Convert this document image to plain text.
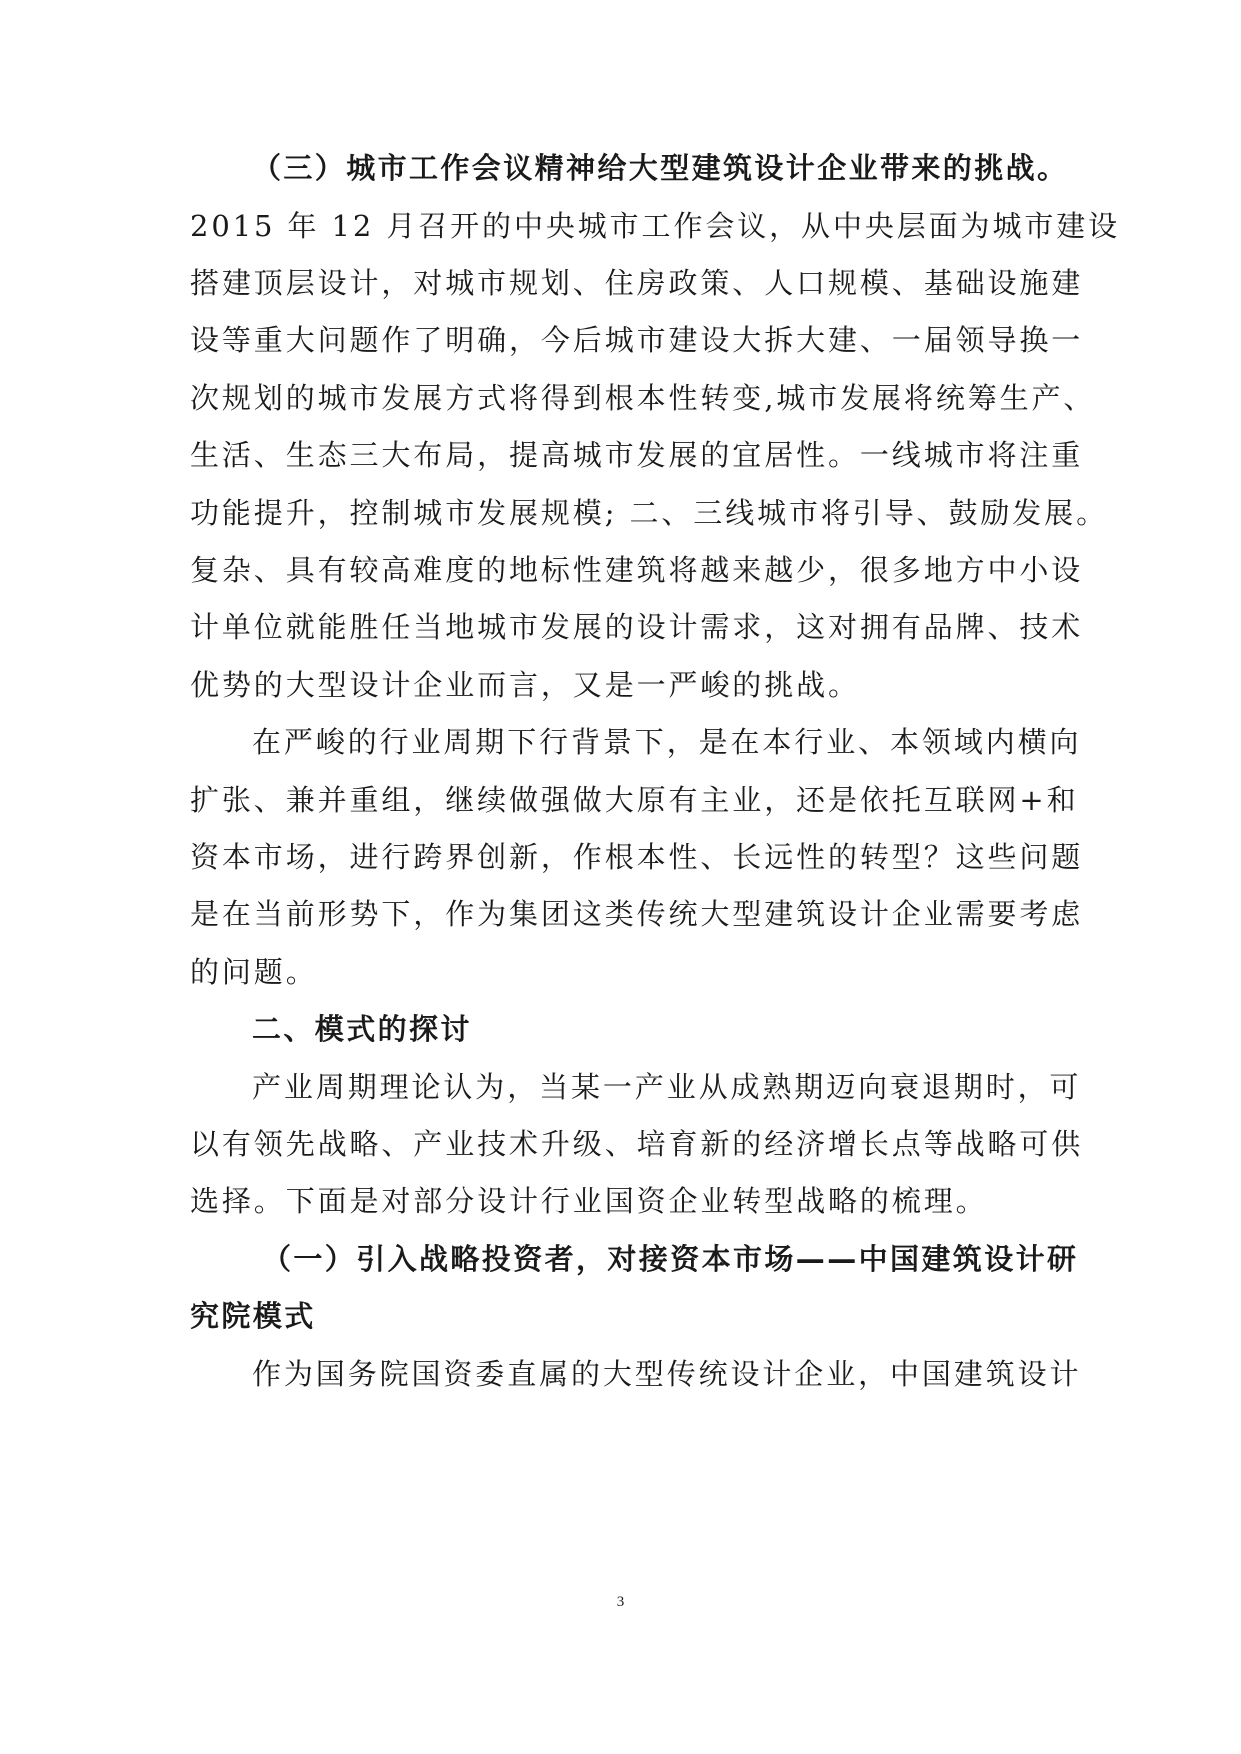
（三）城市工作会议精神给大型建筑设计企业带来的挑战。
2015 年 12 月召开的中央城市工作会议，从中央层面为城市建设
搭建顶层设计，对城市规划、住房政策、人口规模、基础设施建
设等重大问题作了明确，今后城市建设大拆大建、一届领导换一
次规划的城市发展方式将得到根本性转变,城市发展将统筹生产、
生活、生态三大布局，提高城市发展的宜居性。一线城市将注重
功能提升，控制城市发展规模; 二、三线城市将引导、鼓励发展。
复杂、具有较高难度的地标性建筑将越来越少，很多地方中小设
计单位就能胜任当地城市发展的设计需求，这对拥有品牌、技术
优势的大型设计企业而言，又是一严峻的挑战。
在严峻的行业周期下行背景下，是在本行业、本领域内横向
扩张、兼并重组，继续做强做大原有主业，还是依托互联网+和
资本市场，进行跨界创新，作根本性、长远性的转型？这些问题
是在当前形势下，作为集团这类传统大型建筑设计企业需要考虑
的问题。
二、模式的探讨
产业周期理论认为，当某一产业从成熟期迈向衰退期时，可
以有领先战略、产业技术升级、培育新的经济增长点等战略可供
选择。下面是对部分设计行业国资企业转型战略的梳理。
（一）引入战略投资者，对接资本市场——中国建筑设计研
究院模式
作为国务院国资委直属的大型传统设计企业，中国建筑设计
3
